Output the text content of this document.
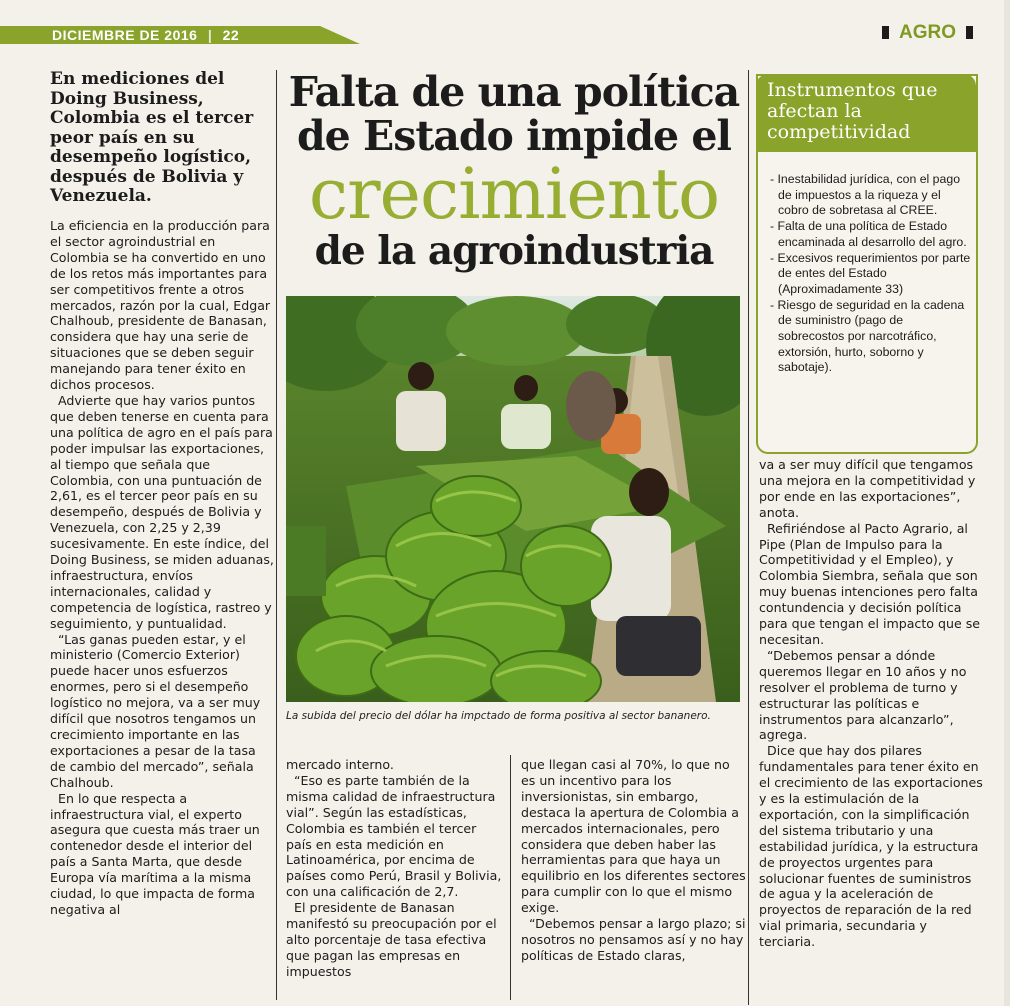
DICIEMBRE DE 2016 | 22	AGRO
En mediciones del Doing Business, Colombia es el tercer peor país en su desempeño logístico, después de Bolivia y Venezuela.
Falta de una política
de Estado impide el
crecimiento
de la agroindustria
La subida del precio del dólar ha impctado de forma positiva al sector bananero.
Instrumentos que afectan la competitividad
- Inestabilidad jurídica, con el pago de impuestos a la riqueza y el cobro de sobretasa al CREE.
- Falta de una política de Estado encaminada al desarrollo del agro.
- Excesivos requerimientos por parte de entes del Estado (Aproximadamente 33)
- Riesgo de seguridad en la cadena de suministro (pago de sobrecostos por narcotráfico, extorsión, hurto, soborno y sabotaje).

La eficiencia en la producción para el sector agroindustrial en Colombia se ha convertido en uno de los retos más importantes para ser competitivos frente a otros mercados, razón por la cual, Edgar Chalhoub, presidente de Banasan, considera que hay una serie de situaciones que se deben seguir manejando para tener éxito en dichos procesos.

Advierte que hay varios puntos que deben tenerse en cuenta para una política de agro en el país para poder impulsar las exportaciones, al tiempo que señala que Colombia, con una puntuación de 2,61, es el tercer peor país en su desempeño, después de Bolivia y Venezuela, con 2,25 y 2,39 sucesivamente. En este índice, del Doing Business, se miden aduanas, infraestructura, envíos internacionales, calidad y competencia de logística, rastreo y seguimiento, y puntualidad.

“Las ganas pueden estar, y el ministerio (Comercio Exterior) puede hacer unos esfuerzos enormes, pero si el desempeño logístico no mejora, va a ser muy difícil que nosotros tengamos un crecimiento importante en las exportaciones a pesar de la tasa de cambio del mercado”, señala Chalhoub.

En lo que respecta a infraestructura vial, el experto asegura que cuesta más traer un contenedor desde el interior del país a Santa Marta, que desde Europa vía marítima a la misma ciudad, lo que impacta de forma negativa al

mercado interno.

“Eso es parte también de la misma calidad de infraestructura vial”. Según las estadísticas, Colombia es también el tercer país en esta medición en Latinoamérica, por encima de países como Perú, Brasil y Bolivia, con una calificación de 2,7.

El presidente de Banasan manifestó su preocupación por el alto porcentaje de tasa efectiva que pagan las empresas en impuestos

que llegan casi al 70%, lo que no es un incentivo para los inversionistas, sin embargo, destaca la apertura de Colombia a mercados internacionales, pero considera que deben haber las herramientas para que haya un equilibrio en los diferentes sectores para cumplir con lo que el mismo exige.

“Debemos pensar a largo plazo; si nosotros no pensamos así y no hay políticas de Estado claras,

va a ser muy difícil que tengamos una mejora en la competitividad y por ende en las exportaciones”, anota.

Refiriéndose al Pacto Agrario, al Pipe (Plan de Impulso para la Competitividad y el Empleo), y Colombia Siembra, señala que son muy buenas intenciones pero falta contundencia y decisión política para que tengan el impacto que se necesitan.

“Debemos pensar a dónde queremos llegar en 10 años y no resolver el problema de turno y estructurar las políticas e instrumentos para alcanzarlo”, agrega.

Dice que hay dos pilares fundamentales para tener éxito en el crecimiento de las exportaciones y es la estimulación de la exportación, con la simplificación del sistema tributario y una estabilidad jurídica, y la estructura de proyectos urgentes para solucionar fuentes de suministros de agua y la aceleración de proyectos de reparación de la red vial primaria, secundaria y terciaria.
